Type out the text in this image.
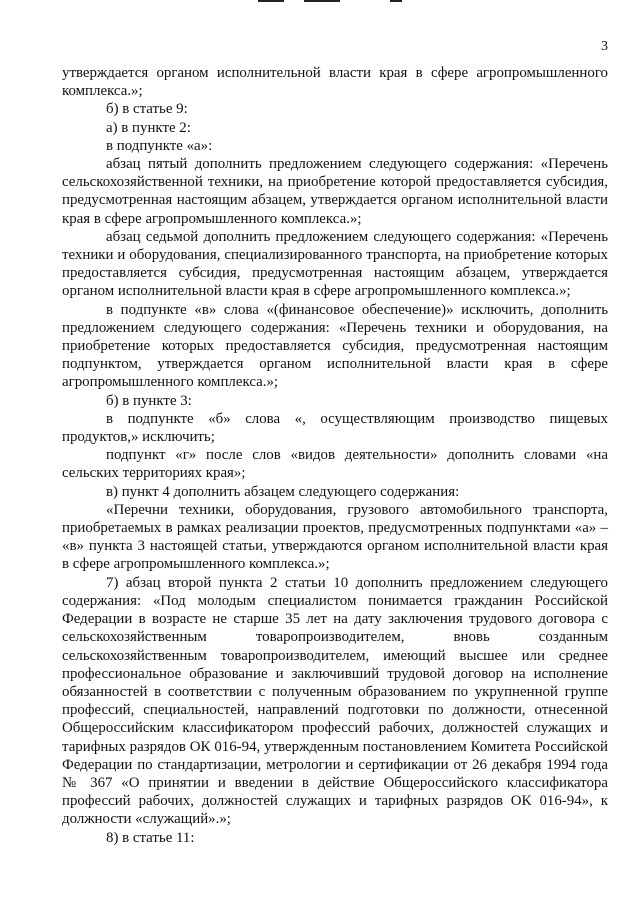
3

утверждается органом исполнительной власти края в сфере агропромышленного комплекса.»;

б) в статье 9:

а) в пункте 2:

в подпункте «а»:

абзац пятый дополнить предложением следующего содержания: «Перечень сельскохозяйственной техники, на приобретение которой предоставляется субсидия, предусмотренная настоящим абзацем, утверждается органом исполнительной власти края в сфере агропромышленного комплекса.»;

абзац седьмой дополнить предложением следующего содержания: «Перечень техники и оборудования, специализированного транспорта, на приобретение которых предоставляется субсидия, предусмотренная настоящим абзацем, утверждается органом исполнительной власти края в сфере агропромышленного комплекса.»;

в подпункте «в» слова «(финансовое обеспечение)» исключить, дополнить предложением следующего содержания: «Перечень техники и оборудования, на приобретение которых предоставляется субсидия, предусмотренная настоящим подпунктом, утверждается органом исполнительной власти края в сфере агропромышленного комплекса.»;

б) в пункте 3:

в подпункте «б» слова «, осуществляющим производство пищевых продуктов,» исключить;

подпункт «г» после слов «видов деятельности» дополнить словами «на сельских территориях края»;

в) пункт 4 дополнить абзацем следующего содержания:

«Перечни техники, оборудования, грузового автомобильного транспорта, приобретаемых в рамках реализации проектов, предусмотренных подпунктами «а» – «в» пункта 3 настоящей статьи, утверждаются органом исполнительной власти края в сфере агропромышленного комплекса.»;

7) абзац второй пункта 2 статьи 10 дополнить предложением следующего содержания: «Под молодым специалистом понимается гражданин Российской Федерации в возрасте не старше 35 лет на дату заключения трудового договора с сельскохозяйственным товаропроизводителем, вновь созданным сельскохозяйственным товаропроизводителем, имеющий высшее или среднее профессиональное образование и заключивший трудовой договор на исполнение обязанностей в соответствии с полученным образованием по укрупненной группе профессий, специальностей, направлений подготовки по должности, отнесенной Общероссийским классификатором профессий рабочих, должностей служащих и тарифных разрядов ОК 016-94, утвержденным постановлением Комитета Российской Федерации по стандартизации, метрологии и сертификации от 26 декабря 1994 года № 367 «О принятии и введении в действие Общероссийского классификатора профессий рабочих, должностей служащих и тарифных разрядов ОК 016-94», к должности «служащий».»;

8) в статье 11:
